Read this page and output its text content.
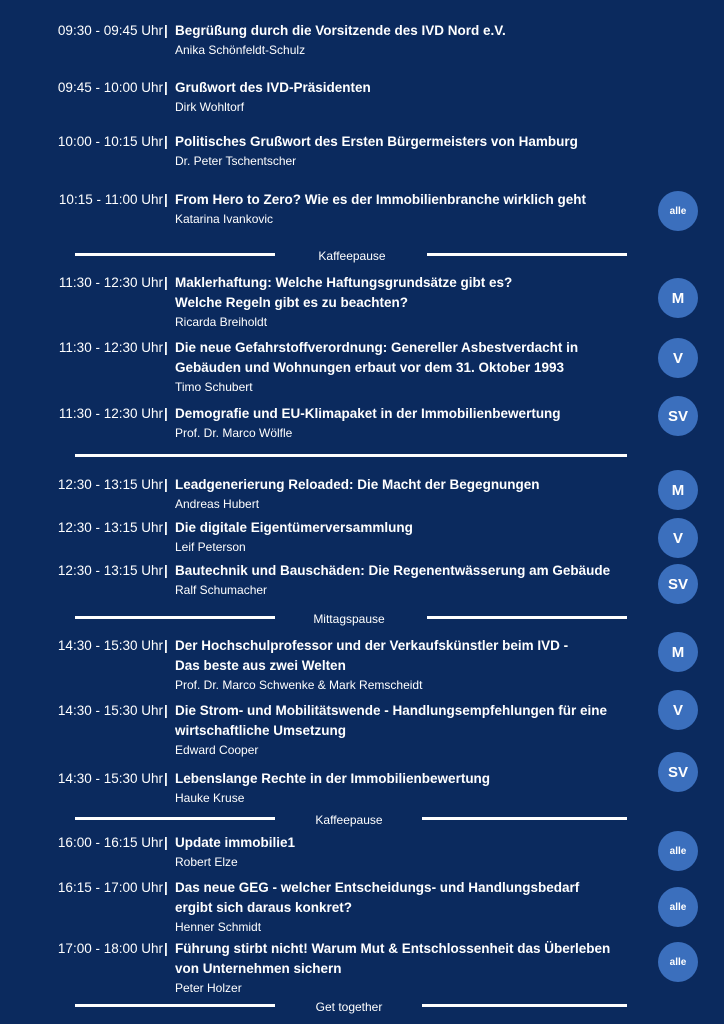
09:30 - 09:45 Uhr | Begrüßung durch die Vorsitzende des IVD Nord e.V.

Anika Schönfeldt-Schulz

09:45 - 10:00 Uhr | Grußwort des IVD-Präsidenten

Dirk Wohltorf

10:00 - 10:15 Uhr | Politisches Grußwort des Ersten Bürgermeisters von Hamburg

Dr. Peter Tschentscher

10:15 - 11:00 Uhr | From Hero to Zero? Wie es der Immobilienbranche wirklich geht

Katarina Ivankovic

alle
Kaffeepause
11:30 - 12:30 Uhr | Maklerhaftung: Welche Haftungsgrundsätze gibt es?

Welche Regeln gibt es zu beachten?

Ricarda Breiholdt

M
11:30 - 12:30 Uhr | Die neue Gefahrstoffverordnung: Genereller Asbestverdacht in

Gebäuden und Wohnungen erbaut vor dem 31. Oktober 1993

Timo Schubert

V
11:30 - 12:30 Uhr | Demografie und EU-Klimapaket in der Immobilienbewertung

Prof. Dr. Marco Wölfle

SV
12:30 - 13:15 Uhr | Leadgenerierung Reloaded: Die Macht der Begegnungen

Andreas Hubert

M
12:30 - 13:15 Uhr | Die digitale Eigentümerversammlung

Leif Peterson

V
12:30 - 13:15 Uhr | Bautechnik und Bauschäden: Die Regenentwässerung am Gebäude

Ralf Schumacher	SV
Mittagspause
14:30 - 15:30 Uhr | Der Hochschulprofessor und der Verkaufskünstler beim IVD -

Das beste aus zwei Welten

Prof. Dr. Marco Schwenke & Mark Remscheidt

M
14:30 - 15:30 Uhr | Die Strom- und Mobilitätswende - Handlungsempfehlungen für eine

wirtschaftliche Umsetzung

Edward Cooper

V
14:30 - 15:30 Uhr | Lebenslange Rechte in der Immobilienbewertung

Hauke Kruse

SV
Kaffeepause
16:00 - 16:15 Uhr | Update immobilie1

Robert Elze

alle
16:15 - 17:00 Uhr | Das neue GEG - welcher Entscheidungs- und Handlungsbedarf

ergibt sich daraus konkret?

Henner Schmidt

alle
17:00 - 18:00 Uhr | Führung stirbt nicht! Warum Mut & Entschlossenheit das Überleben

von Unternehmen sichern

Peter Holzer

alle
Get together
